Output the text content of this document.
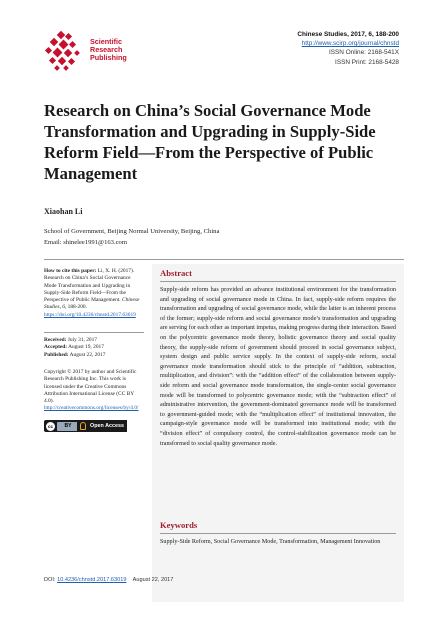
Scientific
Research
Publishing
Chinese Studies, 2017, 6, 188-200
http://www.scirp.org/journal/chnstd
ISSN Online: 2168-541X
ISSN Print: 2168-5428
Research on China’s Social Governance Mode Transformation and Upgrading in Supply-Side Reform Field—From the Perspective of Public Management
Xiaohan Li
School of Government, Beijing Normal University, Beijing, China
Email: shinelee1991@163.com
How to cite this paper: Li, X. H. (2017). Research on China’s Social Governance Mode Transformation and Upgrading in Supply-Side Reform Field—From the Perspective of Public Management. Chinese Studies, 6, 188-200.
https://doi.org/10.4236/chnstd.2017.63019
Received: July 31, 2017
Accepted: August 19, 2017
Published: August 22, 2017
Copyright © 2017 by author and Scientific Research Publishing Inc. This work is licensed under the Creative Commons Attribution International License (CC BY 4.0).
http://creativecommons.org/licenses/by/4.0/
cc	BY	Open Access
Abstract

Supply-side reform has provided an advance institutional environment for the transformation and upgrading of social governance mode in China. In fact, supply-side reform requires the transformation and upgrading of social governance mode, while the latter is an inherent process of the former; supply-side reform and social governance mode’s transformation and upgrading are serving for each other as important impetus, making progress during their interaction. Based on the polycentric governance mode theory, holistic governance theory and social quality theory, the supply-side reform of government should proceed in social governance subject, system design and public service supply. In the context of supply-side reform, social governance mode transformation should stick to the principle of “addition, subtraction, multiplication, and division”: with the “addition effect” of the collaboration between supply-side reform and social governance mode transformation, the single-center social governance mode will be transformed to polycentric governance mode; with the “subtraction effect” of administrative intervention, the government-dominated governance mode will be transformed to government-guided mode; with the “multiplication effect” of institutional innovation, the campaign-style governance mode will be transformed into institutional mode; with the “division effect” of compulsory control, the control-stabilization governance mode can be transformed to social quality governance mode.

Keywords

Supply-Side Reform, Social Governance Mode, Transformation, Management Innovation

DOI: 10.4236/chnstd.2017.63019 August 22, 2017
